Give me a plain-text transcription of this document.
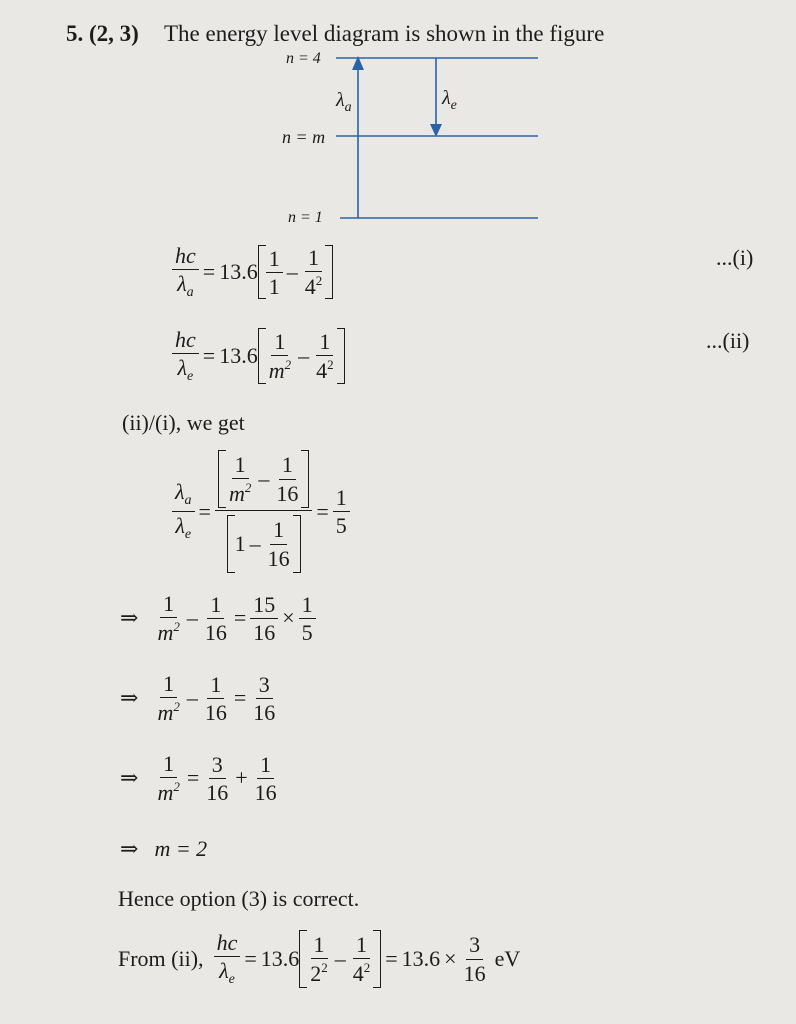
5. (2, 3) The energy level diagram is shown in the figure
n = 4
n = m
n = 1
$\lambda_a$	$\lambda_e$
$\frac{hc}{\lambda_a} = 13.6 \frac{1}{1} - \frac{1}{4^2}$	...(i)
$\frac{hc}{\lambda_e} = 13.6 \frac{1}{m^2} - \frac{1}{4^2}$	...(ii)
(ii)/(i), we get
$\frac{\lambda_a}{\lambda_e} = \frac{\frac{1}{m^2} - \frac{1}{16}}{1 - \frac{1}{16}} = \frac{1}{5}$
⇒ $\frac{1}{m^2} - \frac{1}{16} = \frac{15}{16} \times \frac{1}{5}$
⇒ $\frac{1}{m^2} - \frac{1}{16} = \frac{3}{16}$
⇒ $\frac{1}{m^2} = \frac{3}{16} + \frac{1}{16}$
⇒ m = 2
Hence option (3) is correct.
From (ii), $\frac{hc}{\lambda_e} = 13.6 \frac{1}{2^2} - \frac{1}{4^2} = 13.6 \times \frac{3}{16}$ eV
